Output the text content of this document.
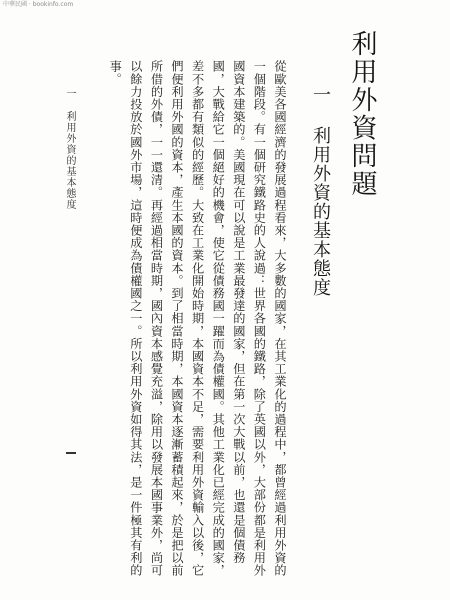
中華民國 · bookinfo.com
利用外資問題
一 利用外資的基本態度
從歐美各國經濟的發展過程看來，大多數的國家，在其工業化的過程中，都曾經過利用外資的一個階段。有一個研究鐵路史的人說過：世界各國的鐵路，除了英國以外，大部份都是利用外國資本建築的。美國現在可以說是工業最發達的國家，但在第一次大戰以前，也還是個債務國，大戰給它一個絕好的機會，使它從債務國一躍而為債權國。其他工業化已經完成的國家，差不多都有類似的經歷。大致在工業化開始時期，本國資本不足，需要利用外資輸入以後，它們便利用外國的資本，產生本國的資本。到了相當時期，本國資本逐漸蓄積起來，於是把以前所借的外債，一一還清。再經過相當時期，國內資本感覺充溢，除用以發展本國事業外，尚可以餘力投放於國外市場，這時便成為債權國之一。所以利用外資如得其法，是一件極其有利的事。
一 利用外資的基本態度
